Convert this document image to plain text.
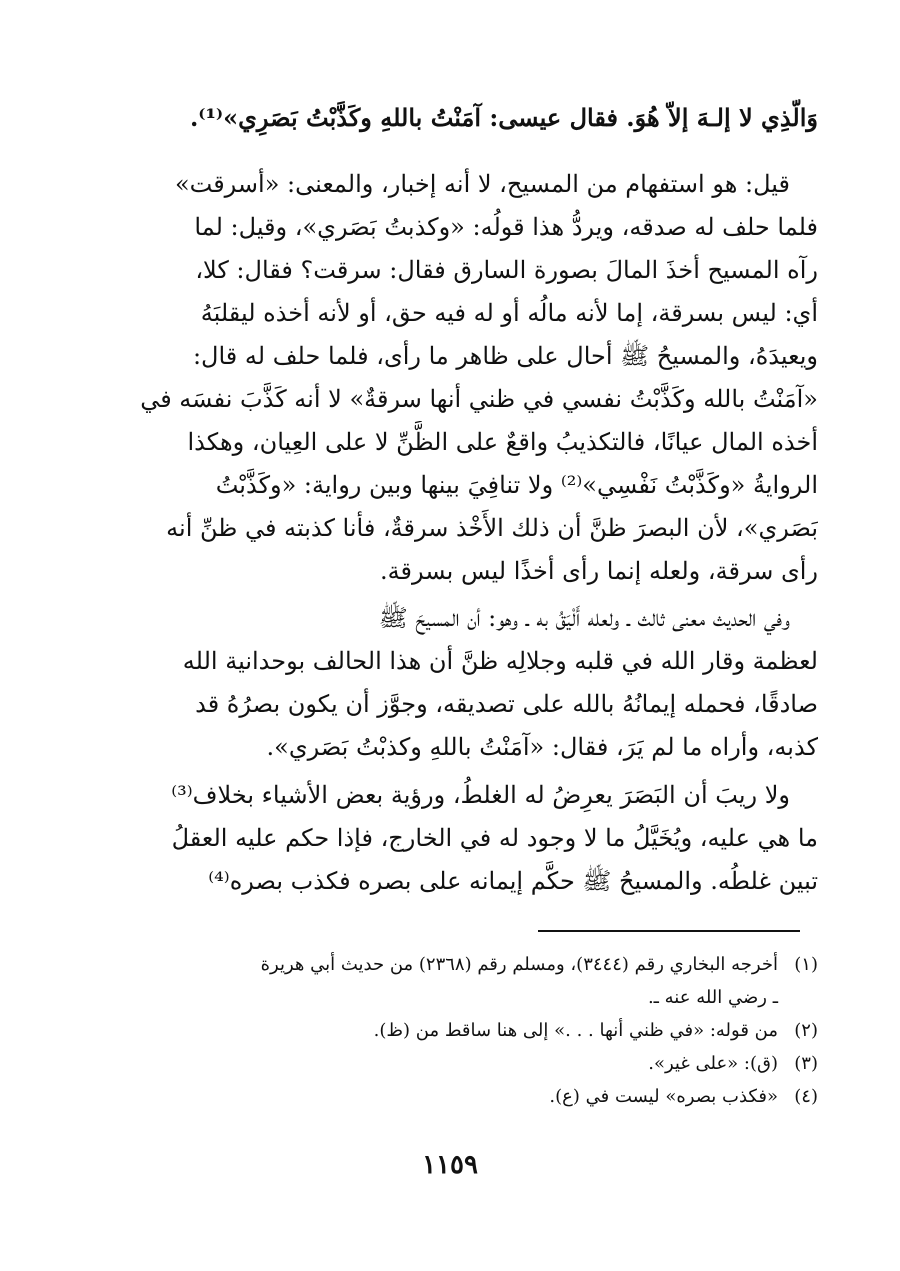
وَالّذِي لا إلـهَ إلاّ هُوَ. فقال عيسى: آمَنْتُ باللهِ وكَذَّبْتُ بَصَرِي»⁽¹⁾.
قيل: هو استفهام من المسيح، لا أنه إخبار، والمعنى: «أسرقت»
فلما حلف له صدقه، ويردُّ هذا قولُه: «وكذبتُ بَصَري»، وقيل: لما
رآه المسيح أخذَ المالَ بصورة السارق فقال: سرقت؟ فقال: كلا،
أي: ليس بسرقة، إما لأنه مالُه أو له فيه حق، أو لأنه أخذه ليقلبَهُ
ويعيدَهُ، والمسيحُ ﷺ أحال على ظاهر ما رأى، فلما حلف له قال:
«آمَنْتُ بالله وكَذَّبْتُ نفسي في ظني أنها سرقةٌ» لا أنه كَذَّبَ نفسَه في
أخذه المال عيانًا، فالتكذيبُ واقعٌ على الظَّنِّ لا على العِيان، وهكذا
الروايةُ «وكَذَّبْتُ نَفْسِي»⁽²⁾ ولا تنافِيَ بينها وبين رواية: «وكَذَّبْتُ
بَصَري»، لأن البصرَ ظنَّ أن ذلك الأَخْذ سرقةٌ، فأنا كذبته في ظنِّ أنه
رأى سرقة، ولعله إنما رأى أخذًا ليس بسرقة.
وفي الحديث معنى ثالث ـ ولعله أَلْيَقُ به ـ وهو: أن المسيحَ ﷺ
لعظمة وقار الله في قلبه وجلالِه ظنَّ أن هذا الحالف بوحدانية الله
صادقًا، فحمله إيمانُهُ بالله على تصديقه، وجوَّز أن يكون بصرُهُ قد
كذبه، وأراه ما لم يَرَ، فقال: «آمَنْتُ باللهِ وكذبْتُ بَصَري».
ولا ريبَ أن البَصَرَ يعرِضُ له الغلطُ، ورؤية بعض الأشياء بخلاف⁽³⁾
ما هي عليه، ويُخَيَّلُ ما لا وجود له في الخارج، فإذا حكم عليه العقلُ
تبين غلطُه. والمسيحُ ﷺ حكَّم إيمانه على بصره فكذب بصره⁽⁴⁾
(١)أخرجه البخاري رقم (٣٤٤٤)، ومسلم رقم (٢٣٦٨) من حديث أبي هريرة
ـ رضي الله عنه ـ.
(٢)من قوله: «في ظني أنها . . .» إلى هنا ساقط من (ظ).
(٣)(ق): «على غير».
(٤)«فكذب بصره» ليست في (ع).
١١٥٩
